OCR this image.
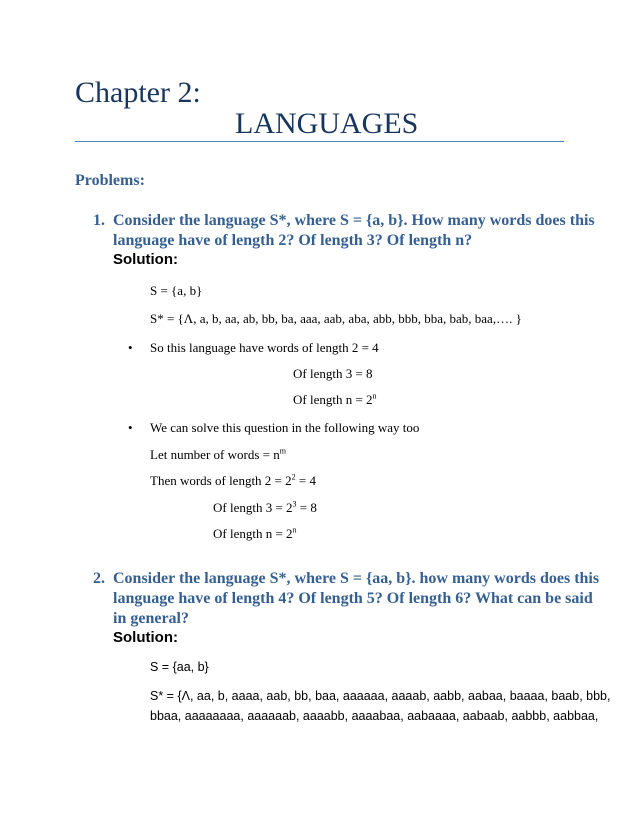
Chapter 2:
LANGUAGES
Problems:
1. Consider the language S*, where S = {a, b}. How many words does this
language have of length 2? Of length 3? Of length n?
Solution:
S = {a, b}
S* = {Λ, a, b, aa, ab, bb, ba, aaa, aab, aba, abb, bbb, bba, bab, baa,…. }
• So this language have words of length 2 = 4
Of length 3 = 8
Of length $n = 2^n$
• We can solve this question in the following way too
Let number of words = $n^m$
Then words of length $2 = 2^2 = 4$
Of length $3 = 2^3 = 8$
Of length $n = 2^n$
2. Consider the language S*, where S = {aa, b}. how many words does this
language have of length 4? Of length 5? Of length 6? What can be said
in general?
Solution:
S = {aa, b}
S* = {Λ, aa, b, aaaa, aab, bb, baa, aaaaaa, aaaab, aabb, aabaa, baaaa, baab, bbb,
bbaa, aaaaaaaa, aaaaaab, aaaabb, aaaabaa, aabaaaa, aabaab, aabbb, aabbaa,
